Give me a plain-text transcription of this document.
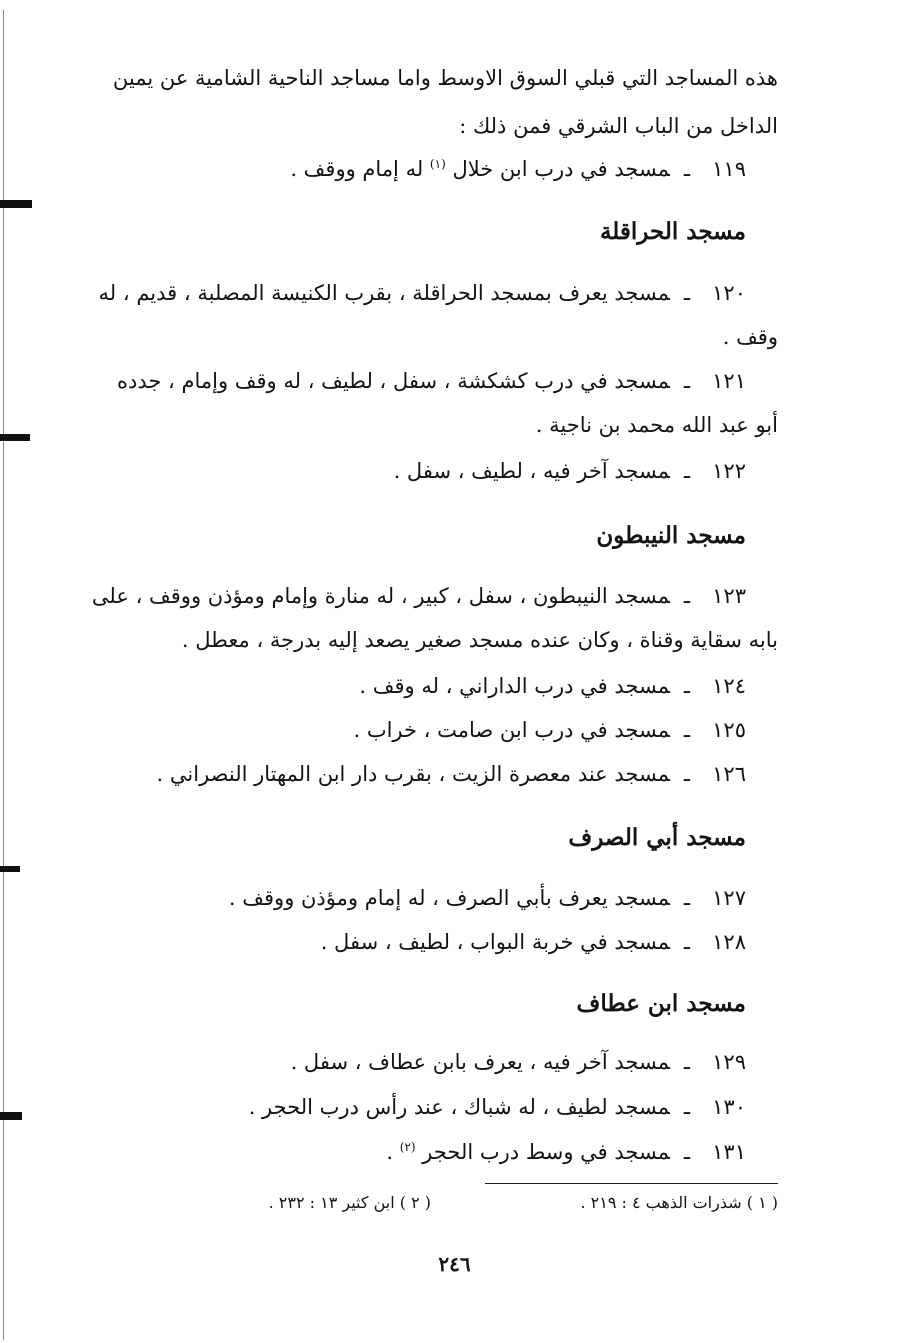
هذه المساجد التي قبلي السوق الاوسط واما مساجد الناحية الشامية عن يمين
الداخل من الباب الشرقي فمن ذلك :
١١٩ـمسجد في درب ابن خلال $^{(١)}$ له إمام ووقف .
مسجد الحراقلة
١٢٠ـمسجد يعرف بمسجد الحراقلة ، بقرب الكنيسة المصلبة ، قديم ، له
وقف .
١٢١ـمسجد في درب كشكشة ، سفل ، لطيف ، له وقف وإمام ، جدده
أبو عبد الله محمد بن ناجية .
١٢٢ـمسجد آخر فيه ، لطيف ، سفل .
مسجد النيبطون
١٢٣ـمسجد النيبطون ، سفل ، كبير ، له منارة وإمام ومؤذن ووقف ، على
بابه سقاية وقناة ، وكان عنده مسجد صغير يصعد إليه بدرجة ، معطل .
١٢٤ـمسجد في درب الداراني ، له وقف .
١٢٥ـمسجد في درب ابن صامت ، خراب .
١٢٦ـمسجد عند معصرة الزيت ، بقرب دار ابن المهتار النصراني .
مسجد أبي الصرف
١٢٧ـمسجد يعرف بأبي الصرف ، له إمام ومؤذن ووقف .
١٢٨ـمسجد في خربة البواب ، لطيف ، سفل .
مسجد ابن عطاف
١٢٩ـمسجد آخر فيه ، يعرف بابن عطاف ، سفل .
١٣٠ـمسجد لطيف ، له شباك ، عند رأس درب الحجر .
١٣١ـمسجد في وسط درب الحجر $^{(٢)}$ .
( ١ ) شذرات الذهب ٤ : ٢١٩ .
( ٢ ) ابن كثير ١٣ : ٢٣٢ .
٢٤٦
